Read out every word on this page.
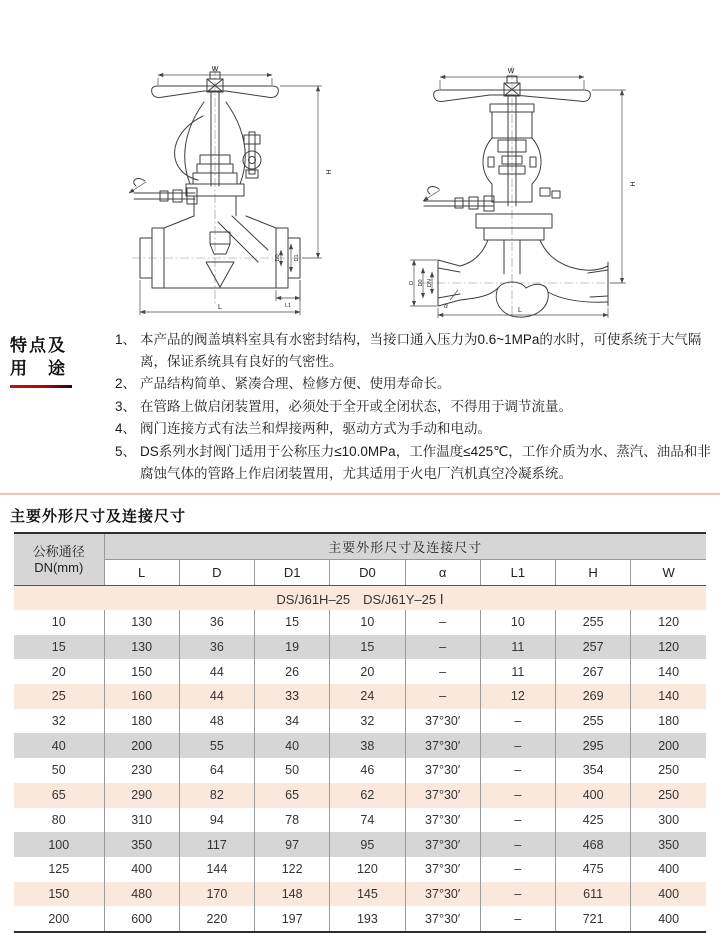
W
H
D0 D1
L1
L
W
H
D D0 DN
α
L
特点及
用　途
1、 本产品的阀盖填料室具有水密封结构，当接口通入压力为0.6~1MPa的水时，可使系统于大气隔离，保证系统具有良好的气密性。
2、 产品结构简单、紧凑合理、检修方便、使用寿命长。
3、 在管路上做启闭装置用，必须处于全开或全闭状态，不得用于调节流量。
4、 阀门连接方式有法兰和焊接两种，驱动方式为手动和电动。
5、 DS系列水封阀门适用于公称压力≤10.0MPa，工作温度≤425℃，工作介质为水、蒸汽、油品和非腐蚀气体的管路上作启闭装置用，尤其适用于火电厂汽机真空冷凝系统。
主要外形尺寸及连接尺寸
公称通径
DN(mm)	主要外形尺寸及连接尺寸							
	L	D	D1	D0	α	L1	H	W
DS/J61H–25　DS/J61Y–25 Ⅰ								
10	130	36	15	10	–	10	255	120
15	130	36	19	15	–	11	257	120
20	150	44	26	20	–	11	267	140
25	160	44	33	24	–	12	269	140
32	180	48	34	32	37°30′	–	255	180
40	200	55	40	38	37°30′	–	295	200
50	230	64	50	46	37°30′	–	354	250
65	290	82	65	62	37°30′	–	400	250
80	310	94	78	74	37°30′	–	425	300
100	350	117	97	95	37°30′	–	468	350
125	400	144	122	120	37°30′	–	475	400
150	480	170	148	145	37°30′	–	611	400
200	600	220	197	193	37°30′	–	721	400
